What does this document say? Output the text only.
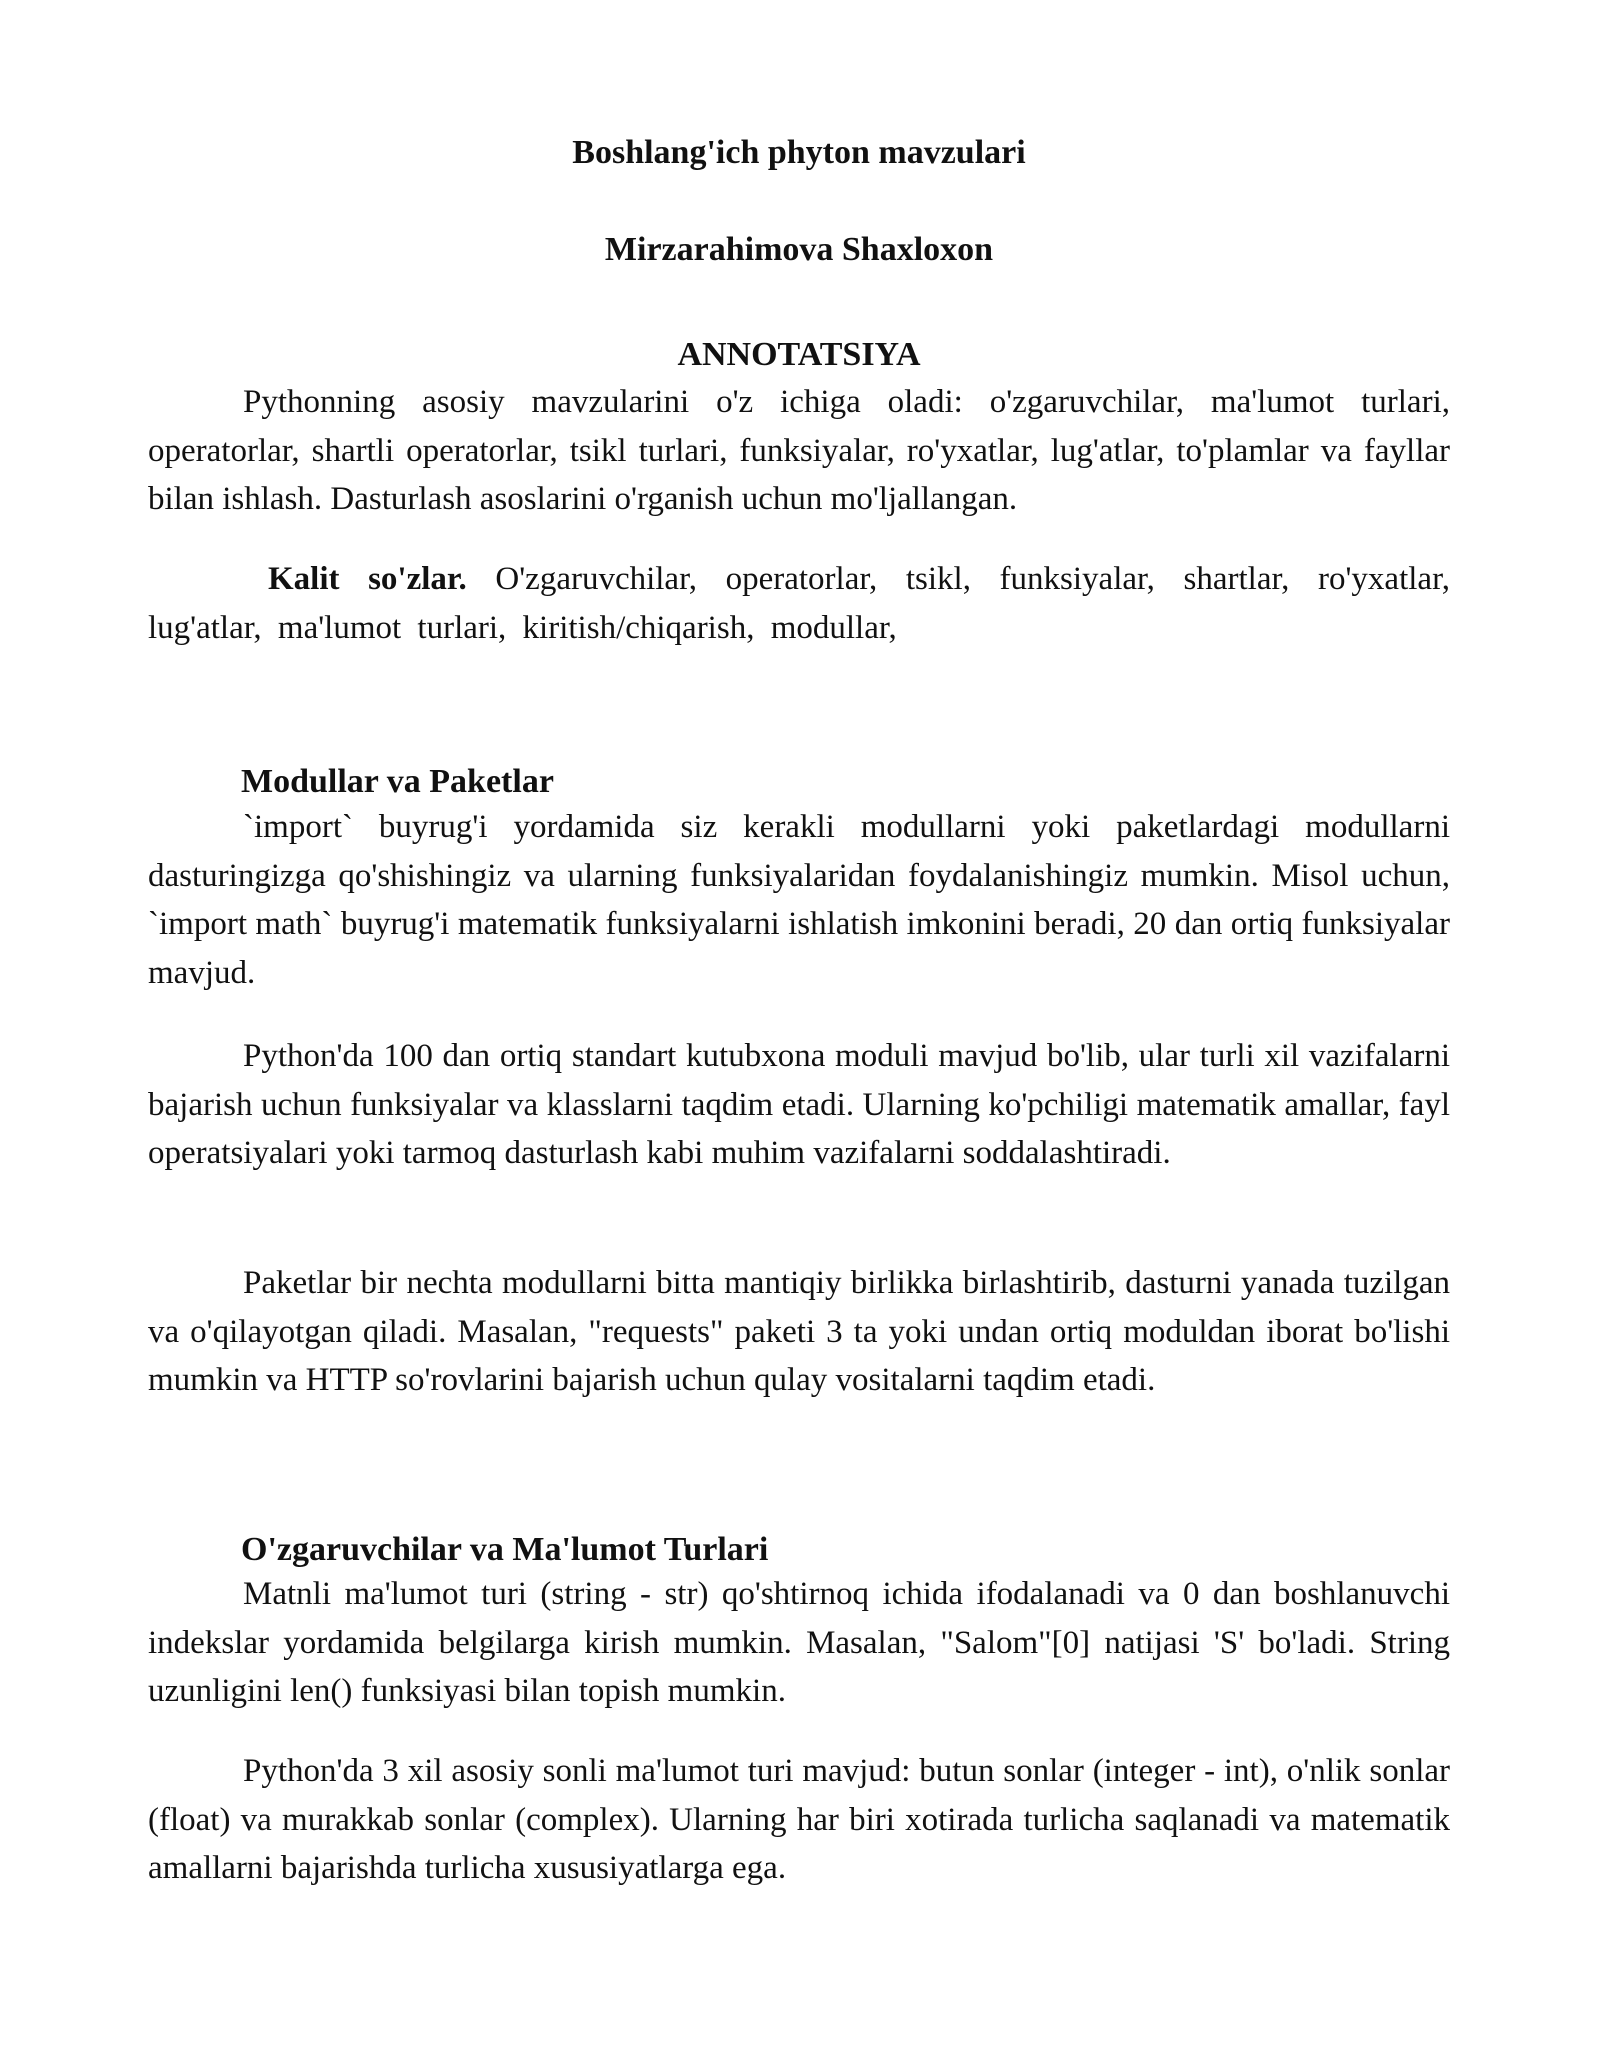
Boshlang'ich phyton mavzulari

Mirzarahimova Shaxloxon

ANNOTATSIYA

Pythonning asosiy mavzularini o'z ichiga oladi: o'zgaruvchilar, ma'lumot turlari, operatorlar, shartli operatorlar, tsikl turlari, funksiyalar, ro'yxatlar, lug'atlar, to'plamlar va fayllar bilan ishlash. Dasturlash asoslarini o'rganish uchun mo'ljallangan.

Kalit so'zlar. O'zgaruvchilar, operatorlar, tsikl, funksiyalar, shartlar, ro'yxatlar, lug'atlar, ma'lumot turlari, kiritish/chiqarish, modullar,

Modullar va Paketlar

`import` buyrug'i yordamida siz kerakli modullarni yoki paketlardagi modullarni dasturingizga qo'shishingiz va ularning funksiyalaridan foydalanishingiz mumkin. Misol uchun, `import math` buyrug'i matematik funksiyalarni ishlatish imkonini beradi, 20 dan ortiq funksiyalar mavjud.

Python'da 100 dan ortiq standart kutubxona moduli mavjud bo'lib, ular turli xil vazifalarni bajarish uchun funksiyalar va klasslarni taqdim etadi. Ularning ko'pchiligi matematik amallar, fayl operatsiyalari yoki tarmoq dasturlash kabi muhim vazifalarni soddalashtiradi.

Paketlar bir nechta modullarni bitta mantiqiy birlikka birlashtirib, dasturni yanada tuzilgan va o'qilayotgan qiladi. Masalan, "requests" paketi 3 ta yoki undan ortiq moduldan iborat bo'lishi mumkin va HTTP so'rovlarini bajarish uchun qulay vositalarni taqdim etadi.

O'zgaruvchilar va Ma'lumot Turlari

Matnli ma'lumot turi (string - str) qo'shtirnoq ichida ifodalanadi va 0 dan boshlanuvchi indekslar yordamida belgilarga kirish mumkin. Masalan, "Salom"[0] natijasi 'S' bo'ladi. String uzunligini len() funksiyasi bilan topish mumkin.

Python'da 3 xil asosiy sonli ma'lumot turi mavjud: butun sonlar (integer - int), o'nlik sonlar (float) va murakkab sonlar (complex). Ularning har biri xotirada turlicha saqlanadi va matematik amallarni bajarishda turlicha xususiyatlarga ega.
